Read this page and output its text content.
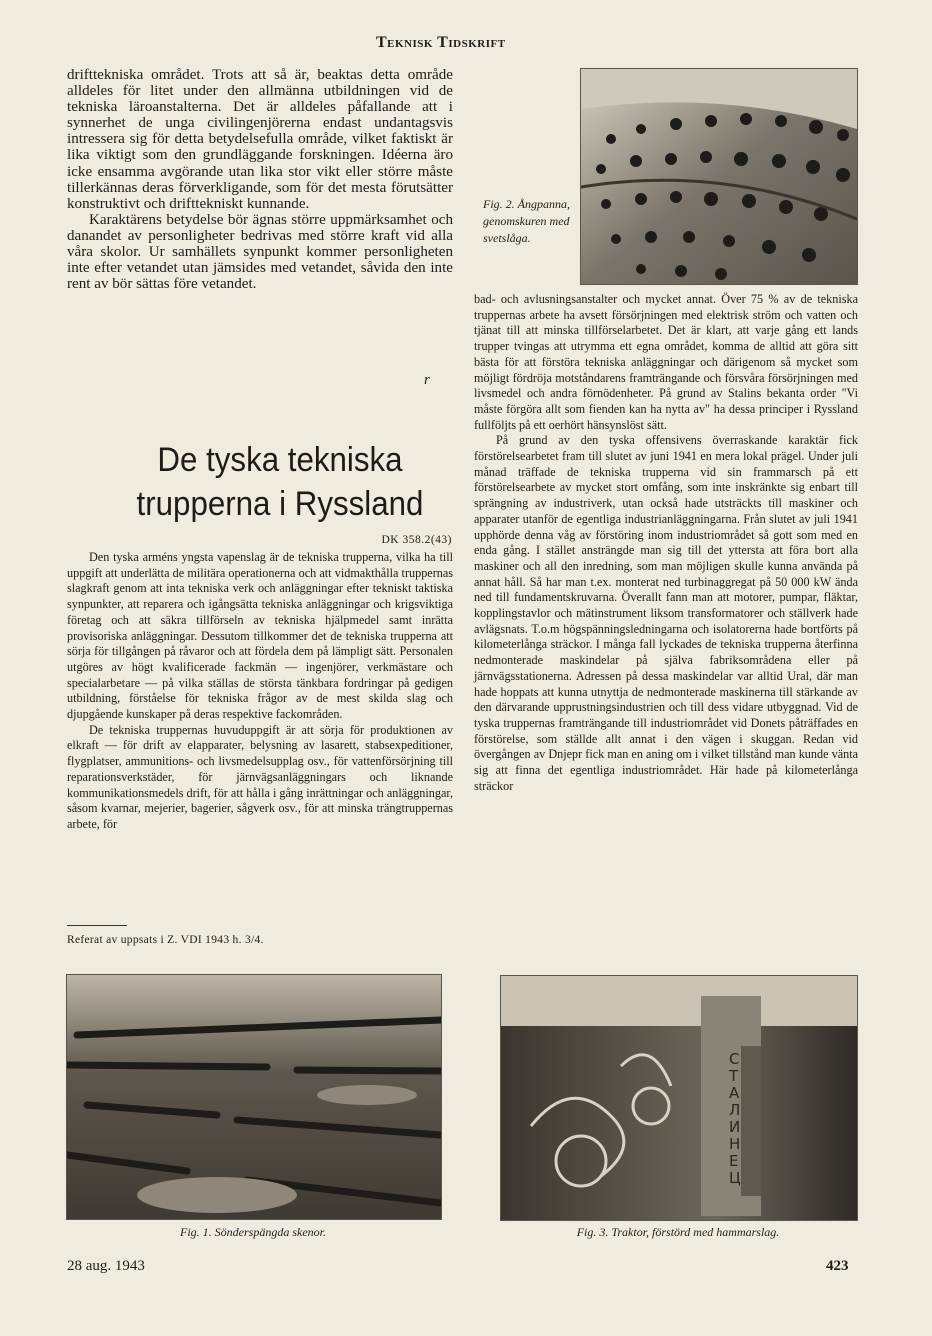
Teknisk Tidskrift

drifttekniska området. Trots att så är, beaktas detta område alldeles för litet under den allmänna utbildningen vid de tekniska läroanstalterna. Det är alldeles påfallande att i synnerhet de unga civilingenjörerna endast undantagsvis intressera sig för detta betydelsefulla område, vilket faktiskt är lika viktigt som den grundläggande forskningen. Idéerna äro icke ensamma avgörande utan lika stor vikt eller större måste tillerkännas deras förverkligande, som för det mesta förutsätter konstruktivt och drifttekniskt kunnande.

Karaktärens betydelse bör ägnas större uppmärksamhet och danandet av personligheter bedrivas med större kraft vid alla våra skolor. Ur samhällets synpunkt kommer personligheten inte efter vetandet utan jämsides med vetandet, såvida den inte rent av bör sättas före vetandet.

r
De tyska tekniska
trupperna i Ryssland
DK 358.2(43)

Den tyska arméns yngsta vapenslag är de tekniska trupperna, vilka ha till uppgift att underlätta de militära operationerna och att vidmakthålla truppernas slagkraft genom att inta tekniska verk och anläggningar efter tekniskt taktiska synpunkter, att reparera och igångsätta tekniska anläggningar och krigsviktiga företag och att säkra tillförseln av tekniska hjälpmedel samt inrätta provisoriska anläggningar. Dessutom tillkommer det de tekniska trupperna att sörja för tillgången på råvaror och att fördela dem på lämpligt sätt. Personalen utgöres av högt kvalificerade fackmän — ingenjörer, verkmästare och specialarbetare — på vilka ställas de största tänkbara fordringar på gedigen utbildning, förståelse för tekniska frågor av de mest skilda slag och djupgående kunskaper på deras respektive fackområden.

De tekniska truppernas huvuduppgift är att sörja för produktionen av elkraft — för drift av elapparater, belysning av lasarett, stabsexpeditioner, flygplatser, ammunitions- och livsmedelsupplag osv., för vattenförsörjning till reparationsverkstäder, för järnvägsanläggningars och liknande kommunikationsmedels drift, för att hålla i gång inrättningar och anläggningar, såsom kvarnar, mejerier, bagerier, sågverk osv., för att minska trängtruppernas arbete, för

Referat av uppsats i Z. VDI 1943 h. 3/4.
Fig. 2. Ångpanna, genomskuren med svetslåga.

bad- och avlusningsanstalter och mycket annat. Över 75 % av de tekniska truppernas arbete ha avsett försörjningen med elektrisk ström och vatten och tjänat till att minska tillförselarbetet. Det är klart, att varje gång ett lands trupper tvingas att utrymma ett egna området, komma de alltid att göra sitt bästa för att förstöra tekniska anläggningar och därigenom så mycket som möjligt fördröja motståndarens framträngande och försvåra försörjningen med livsmedel och andra förnödenheter. På grund av Stalins bekanta order "Vi måste förgöra allt som fienden kan ha nytta av" ha dessa principer i Ryssland fullföljts på ett oerhört hänsynslöst sätt.

På grund av den tyska offensivens överraskande karaktär fick förstörelsearbetet fram till slutet av juni 1941 en mera lokal prägel. Under juli månad träffade de tekniska trupperna vid sin frammarsch på ett förstörelsearbete av mycket stort omfång, som inte inskränkte sig enbart till sprängning av industriverk, utan också hade utsträckts till maskiner och apparater utanför de egentliga industrianläggningarna. Från slutet av juli 1941 upphörde denna våg av förstöring inom industriområdet så gott som med en enda gång. I stället ansträngde man sig till det yttersta att föra bort alla maskiner och all den inredning, som man möjligen skulle kunna använda på annat håll. Så har man t.ex. monterat ned turbinaggregat på 50 000 kW ända ned till fundamentskruvarna. Överallt fann man att motorer, pumpar, fläktar, kopplingstavlor och mätinstrument liksom transformatorer och ställverk hade avlägsnats. T.o.m högspänningsledningarna och isolatorerna hade bortförts på kilometerlånga sträckor. I många fall lyckades de tekniska trupperna återfinna nedmonterade maskindelar på själva fabriksområdena eller på järnvägsstationerna. Adressen på dessa maskindelar var alltid Ural, där man hade hoppats att kunna utnyttja de nedmonterade maskinerna till stärkande av den därvarande upprustningsindustrien och till dess vidare utbyggnad. Vid de tyska truppernas framträngande till industriområdet vid Donets påträffades en förstörelse, som ställde allt annat i den vägen i skuggan. Redan vid övergången av Dnjepr fick man en aning om i vilket tillstånd man kunde vänta sig att finna det egentliga industriområdet. Här hade på kilometerlånga sträckor

Fig. 1. Sönderspängda skenor.
СТАЛИНЕЦ
Fig. 3. Traktor, förstörd med hammarslag.
28 aug. 1943	423
